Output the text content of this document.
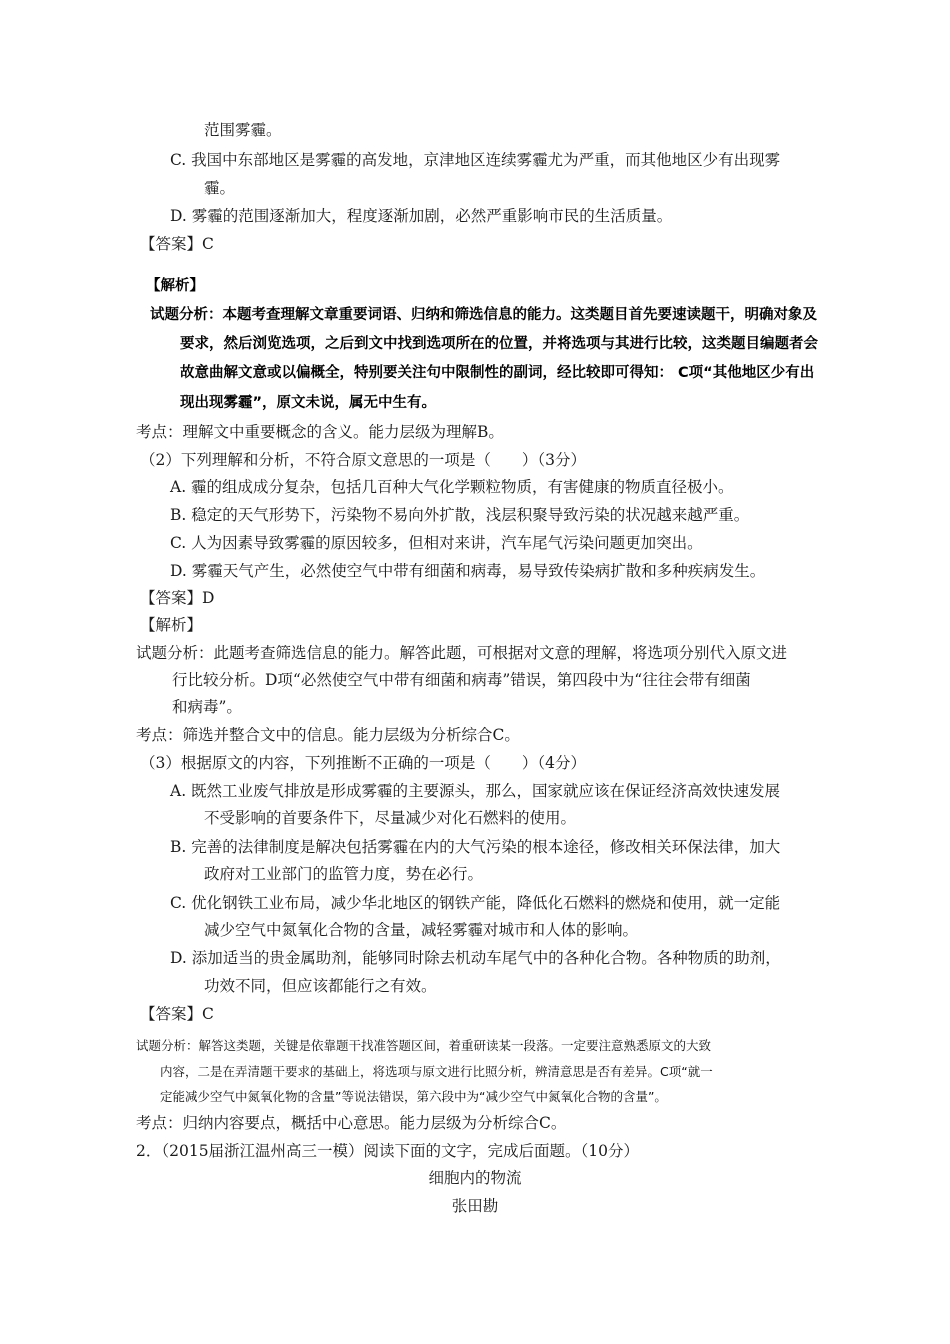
范围雾霾。
C. 我国中东部地区是雾霾的高发地，京津地区连续雾霾尤为严重，而其他地区少有出现雾
霾。
D. 雾霾的范围逐渐加大，程度逐渐加剧，必然严重影响市民的生活质量。
【答案】C
【解析】
试题分析：本题考查理解文章重要词语、归纳和筛选信息的能力。这类题目首先要速读题干，明确对象及
要求，然后浏览选项，之后到文中找到选项所在的位置，并将选项与其进行比较，这类题目编题者会
故意曲解文意或以偏概全，特别要关注句中限制性的副词，经比较即可得知： C项“其他地区少有出
现出现雾霾”，原文未说，属无中生有。
考点：理解文中重要概念的含义。能力层级为理解B。
（2）下列理解和分析，不符合原文意思的一项是（　　）（3分）
A. 霾的组成成分复杂，包括几百种大气化学颗粒物质，有害健康的物质直径极小。
B. 稳定的天气形势下，污染物不易向外扩散，浅层积聚导致污染的状况越来越严重。
C. 人为因素导致雾霾的原因较多，但相对来讲，汽车尾气污染问题更加突出。
D. 雾霾天气产生，必然使空气中带有细菌和病毒，易导致传染病扩散和多种疾病发生。
【答案】D
【解析】
试题分析：此题考查筛选信息的能力。解答此题，可根据对文意的理解，将选项分别代入原文进
行比较分析。D项“必然使空气中带有细菌和病毒”错误，第四段中为“往往会带有细菌
和病毒”。
考点：筛选并整合文中的信息。能力层级为分析综合C。
（3）根据原文的内容，下列推断不正确的一项是（　　）（4分）
A. 既然工业废气排放是形成雾霾的主要源头，那么，国家就应该在保证经济高效快速发展
不受影响的首要条件下，尽量减少对化石燃料的使用。
B. 完善的法律制度是解决包括雾霾在内的大气污染的根本途径，修改相关环保法律，加大
政府对工业部门的监管力度，势在必行。
C. 优化钢铁工业布局，减少华北地区的钢铁产能，降低化石燃料的燃烧和使用，就一定能
减少空气中氮氧化合物的含量，减轻雾霾对城市和人体的影响。
D. 添加适当的贵金属助剂，能够同时除去机动车尾气中的各种化合物。各种物质的助剂，
功效不同，但应该都能行之有效。
【答案】C
试题分析：解答这类题，关键是依靠题干找准答题区间，着重研读某一段落。一定要注意熟悉原文的大致
内容，二是在弄清题干要求的基础上，将选项与原文进行比照分析，辨清意思是否有差异。C项“就一
定能减少空气中氮氧化物的含量”等说法错误，第六段中为“减少空气中氮氧化合物的含量”。
考点：归纳内容要点，概括中心意思。能力层级为分析综合C。
2．（2015届浙江温州高三一模）阅读下面的文字，完成后面题。（10分）
细胞内的物流
张田勘
